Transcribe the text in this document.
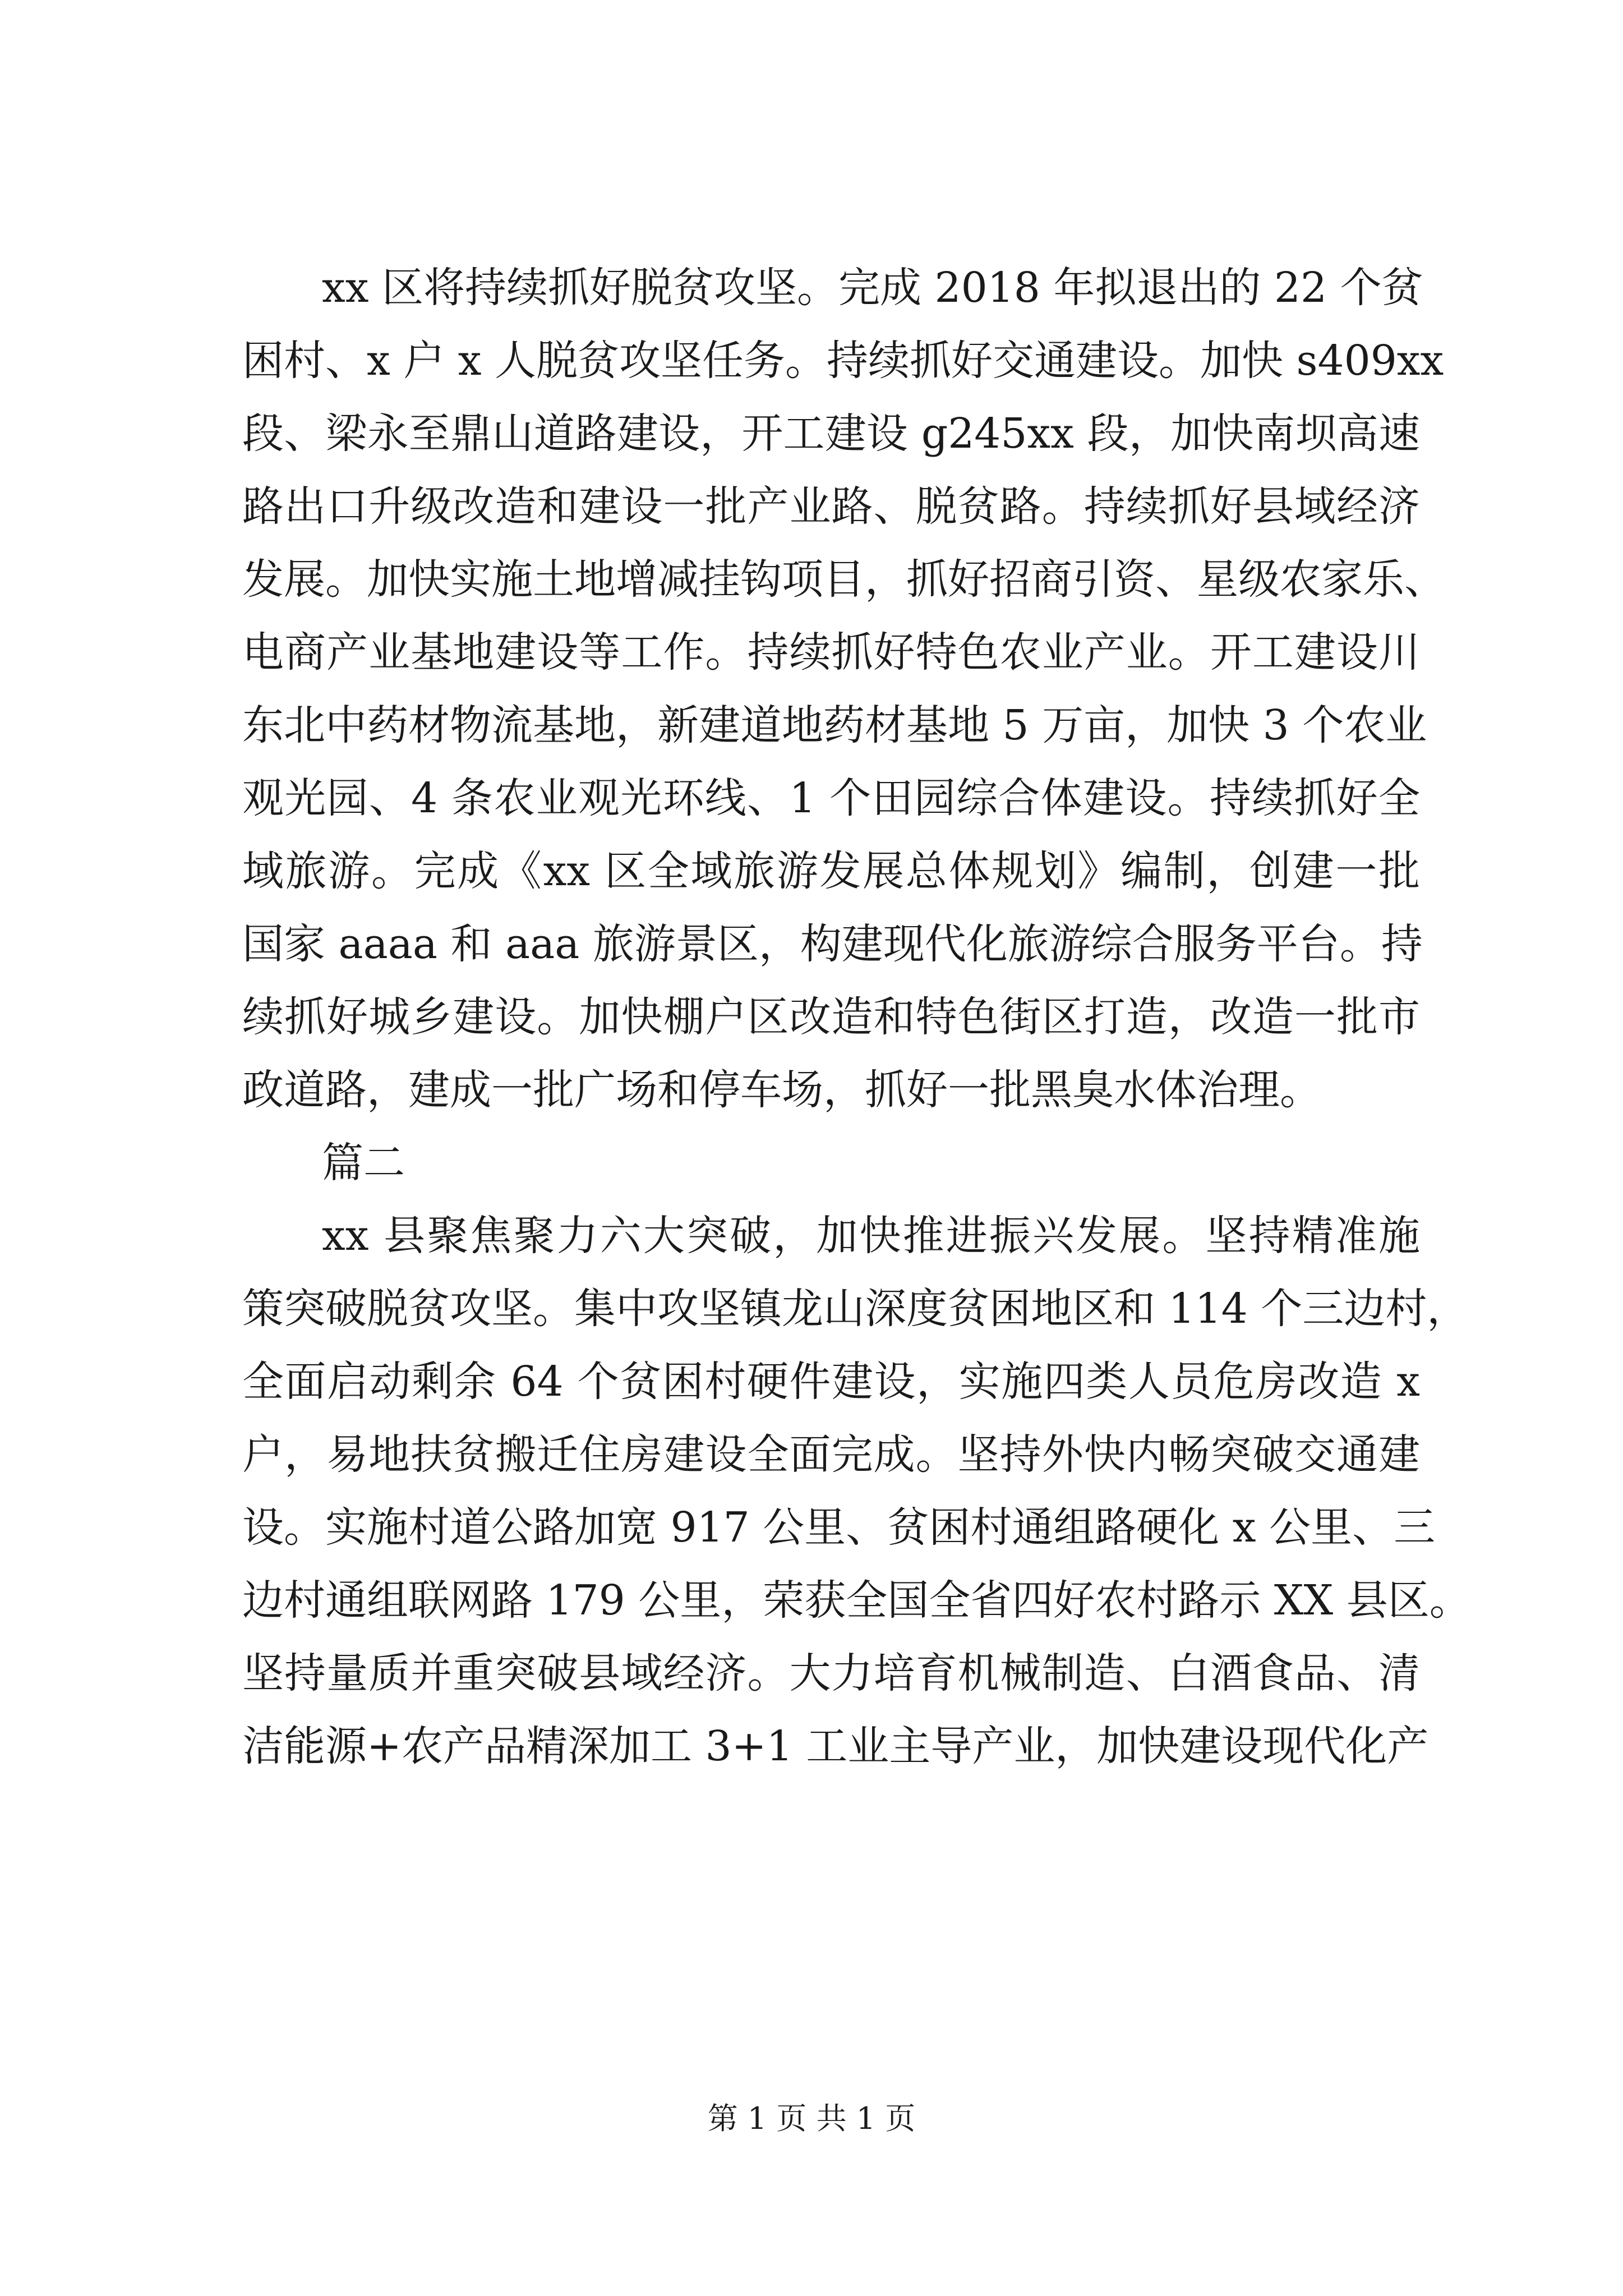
xx 区将持续抓好脱贫攻坚。完成 2018 年拟退出的 22 个贫
困村、x 户 x 人脱贫攻坚任务。持续抓好交通建设。加快 s409xx
段、梁永至鼎山道路建设，开工建设 g245xx 段，加快南坝高速
路出口升级改造和建设一批产业路、脱贫路。持续抓好县域经济
发展。加快实施土地增减挂钩项目，抓好招商引资、星级农家乐、
电商产业基地建设等工作。持续抓好特色农业产业。开工建设川
东北中药材物流基地，新建道地药材基地 5 万亩，加快 3 个农业
观光园、4 条农业观光环线、1 个田园综合体建设。持续抓好全
域旅游。完成《xx 区全域旅游发展总体规划》编制，创建一批
国家 aaaa 和 aaa 旅游景区，构建现代化旅游综合服务平台。持
续抓好城乡建设。加快棚户区改造和特色街区打造，改造一批市
政道路，建成一批广场和停车场，抓好一批黑臭水体治理。
篇二
xx 县聚焦聚力六大突破，加快推进振兴发展。坚持精准施
策突破脱贫攻坚。集中攻坚镇龙山深度贫困地区和 114 个三边村，
全面启动剩余 64 个贫困村硬件建设，实施四类人员危房改造 x
户，易地扶贫搬迁住房建设全面完成。坚持外快内畅突破交通建
设。实施村道公路加宽 917 公里、贫困村通组路硬化 x 公里、三
边村通组联网路 179 公里，荣获全国全省四好农村路示 XX 县区。
坚持量质并重突破县域经济。大力培育机械制造、白酒食品、清
洁能源+农产品精深加工 3+1 工业主导产业，加快建设现代化产
第 1 页 共 1 页
